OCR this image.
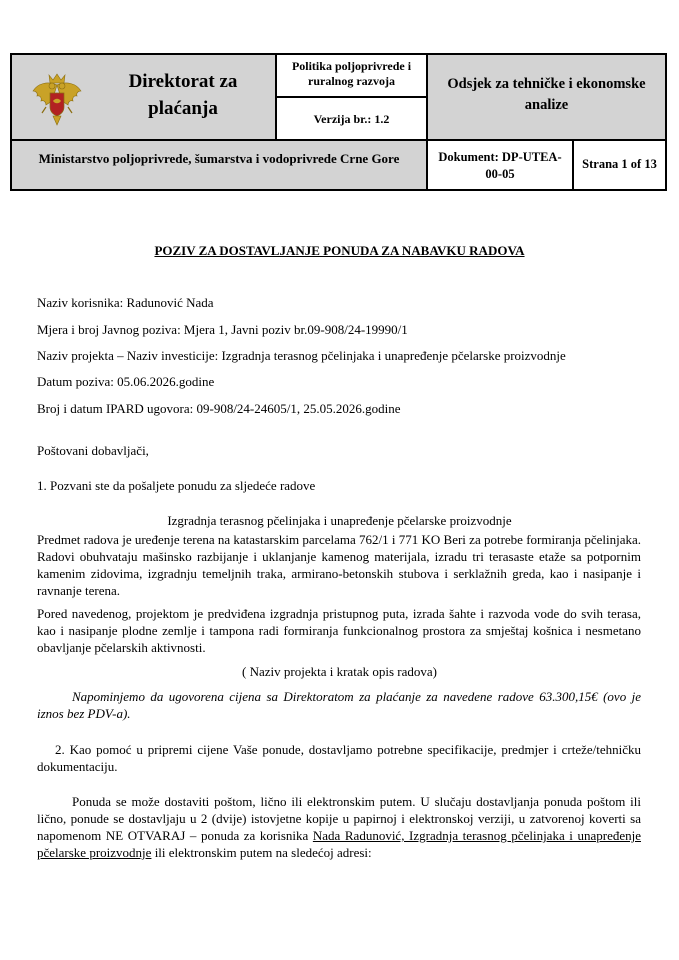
Direktorat za plaćanja
Politika poljoprivrede i ruralnog razvoja
Verzija br.: 1.2
Odsjek za tehničke i ekonomske analize
Ministarstvo poljoprivrede, šumarstva i vodoprivrede Crne Gore	Dokument: DP-UTEA-00-05
Strana 1 of 13
POZIV ZA DOSTAVLJANJE PONUDA ZA NABAVKU RADOVA
Naziv korisnika: Radunović Nada
Mjera i broj Javnog poziva: Mjera 1, Javni poziv br.09-908/24-19990/1
Naziv projekta – Naziv investicije: Izgradnja terasnog pčelinjaka i unapređenje pčelarske proizvodnje
Datum poziva: 05.06.2026.godine
Broj i datum IPARD ugovora: 09-908/24-24605/1, 25.05.2026.godine
Poštovani dobavljači,
1. Pozvani ste da pošaljete ponudu za sljedeće radove
Izgradnja terasnog pčelinjaka i unapređenje pčelarske proizvodnje
Predmet radova je uređenje terena na katastarskim parcelama 762/1 i 771 KO Beri za potrebe formiranja pčelinjaka. Radovi obuhvataju mašinsko razbijanje i uklanjanje kamenog materijala, izradu tri terasaste etaže sa potpornim kamenim zidovima, izgradnju temeljnih traka, armirano-betonskih stubova i serklažnih greda, kao i nasipanje i ravnanje terena.
Pored navedenog, projektom je predviđena izgradnja pristupnog puta, izrada šahte i razvoda vode do svih terasa, kao i nasipanje plodne zemlje i tampona radi formiranja funkcionalnog prostora za smještaj košnica i nesmetano obavljanje pčelarskih aktivnosti.
( Naziv projekta i kratak opis radova)
Napominjemo da ugovorena cijena sa Direktoratom za plaćanje za navedene radove 63.300,15€ (ovo je iznos bez PDV-a).
2. Kao pomoć u pripremi cijene Vaše ponude, dostavljamo potrebne specifikacije, predmjer i crteže/tehničku dokumentaciju.
Ponuda se može dostaviti poštom, lično ili elektronskim putem. U slučaju dostavljanja ponuda poštom ili lično, ponude se dostavljaju u 2 (dvije) istovjetne kopije u papirnoj i elektronskoj verziji, u zatvorenoj koverti sa napomenom NE OTVARAJ – ponuda za korisnika Nada Radunović, Izgradnja terasnog pčelinjaka i unapređenje pčelarske proizvodnje ili elektronskim putem na sledećoj adresi:
